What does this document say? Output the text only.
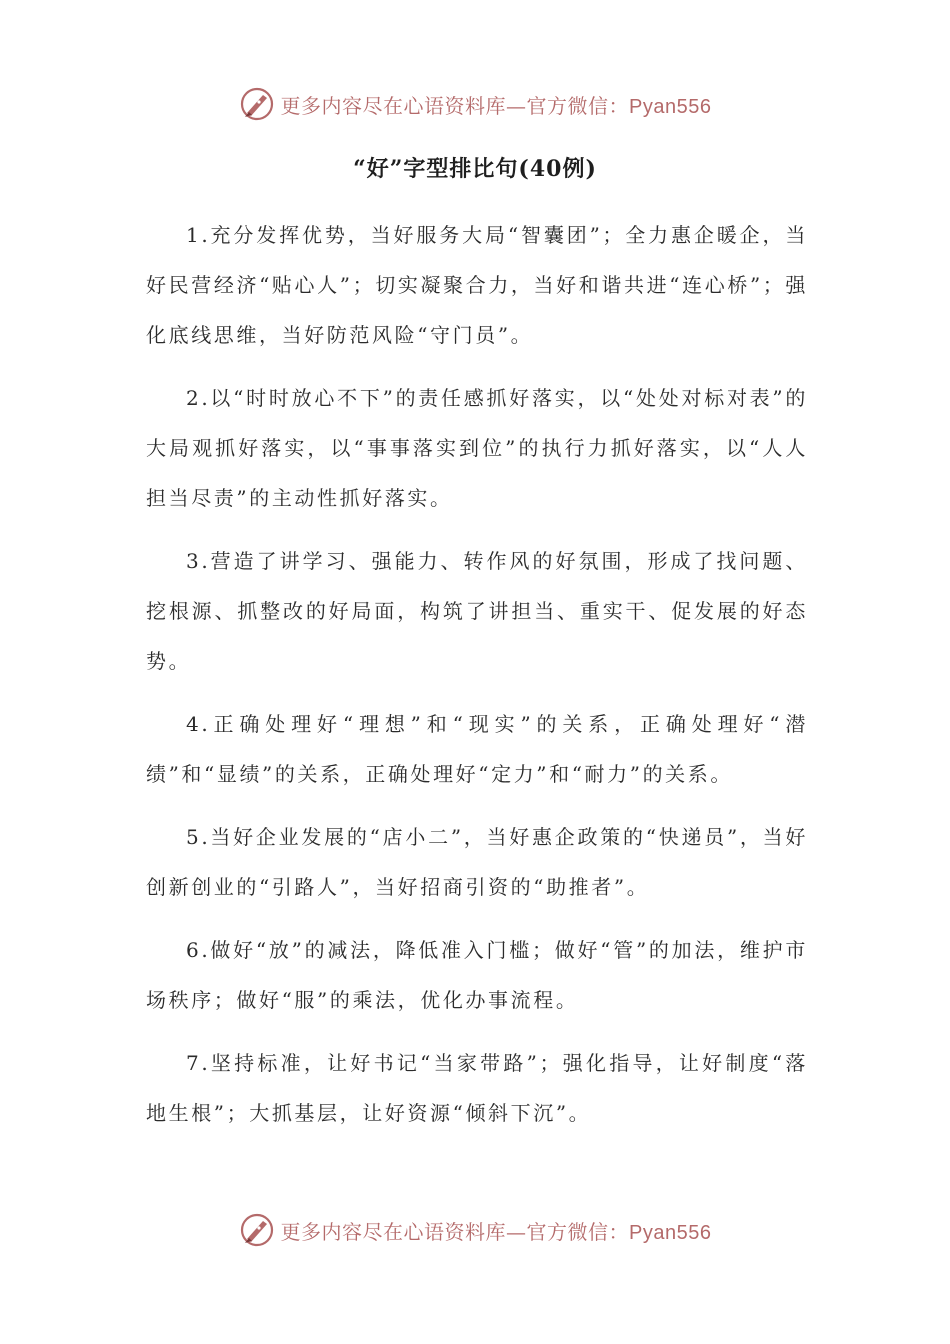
更多内容尽在心语资料库—官方微信：Pyan556
“好”字型排比句(40例)

1.充分发挥优势，当好服务大局“智囊团”；全力惠企暖企，当好民营经济“贴心人”；切实凝聚合力，当好和谐共进“连心桥”；强化底线思维，当好防范风险“守门员”。

2.以“时时放心不下”的责任感抓好落实，以“处处对标对表”的大局观抓好落实，以“事事落实到位”的执行力抓好落实，以“人人担当尽责”的主动性抓好落实。

3.营造了讲学习、强能力、转作风的好氛围，形成了找问题、挖根源、抓整改的好局面，构筑了讲担当、重实干、促发展的好态势。

4.正确处理好“理想”和“现实”的关系，正确处理好“潜绩”和“显绩”的关系，正确处理好“定力”和“耐力”的关系。

5.当好企业发展的“店小二”，当好惠企政策的“快递员”，当好创新创业的“引路人”，当好招商引资的“助推者”。

6.做好“放”的减法，降低准入门槛；做好“管”的加法，维护市场秩序；做好“服”的乘法，优化办事流程。

7.坚持标准，让好书记“当家带路”；强化指导，让好制度“落地生根”；大抓基层，让好资源“倾斜下沉”。

更多内容尽在心语资料库—官方微信：Pyan556
